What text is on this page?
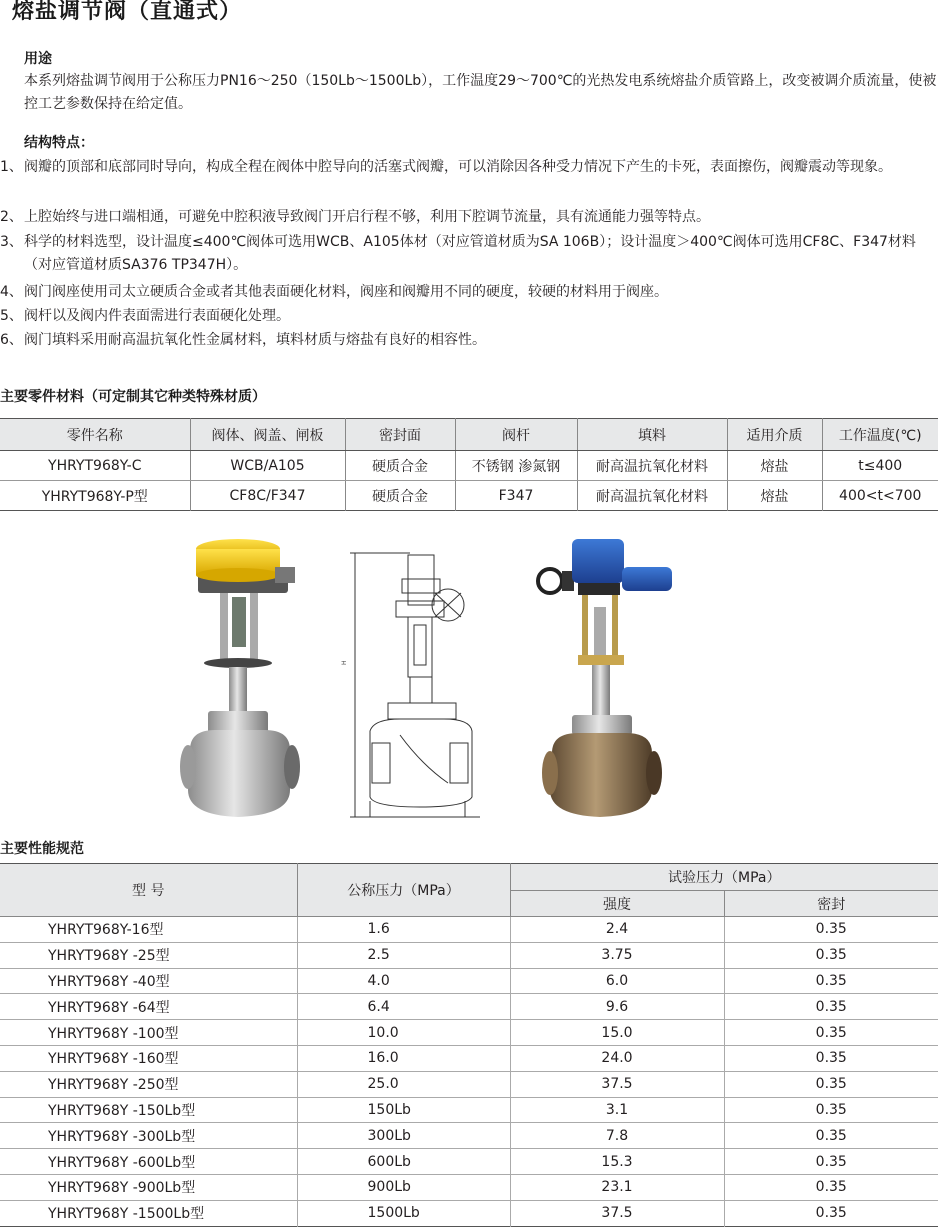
熔盐调节阀（直通式）
用途
本系列熔盐调节阀用于公称压力PN16～250（150Lb～1500Lb），工作温度29～700℃的光热发电系统熔盐介质管路上，改变被调介质流量，使被控工艺参数保持在给定值。
结构特点：
1、 阀瓣的顶部和底部同时导向，构成全程在阀体中腔导向的活塞式阀瓣，可以消除因各种受力情况下产生的卡死，表面擦伤，阀瓣震动等现象。
2、 上腔始终与进口端相通，可避免中腔积液导致阀门开启行程不够，利用下腔调节流量，具有流通能力强等特点。
3、 科学的材料选型，设计温度≤400℃阀体可选用WCB、A105体材（对应管道材质为SA 106B）；设计温度＞400℃阀体可选用CF8C、F347材料（对应管道材质SA376 TP347H）。
4、 阀门阀座使用司太立硬质合金或者其他表面硬化材料，阀座和阀瓣用不同的硬度，较硬的材料用于阀座。
5、 阀杆以及阀内件表面需进行表面硬化处理。
6、 阀门填料采用耐高温抗氧化性金属材料，填料材质与熔盐有良好的相容性。
主要零件材料（可定制其它种类特殊材质）
零件名称	阀体、阀盖、闸板	密封面	阀杆	填料	适用介质	工作温度(℃)
YHRYT968Y-C	WCB/A105	硬质合金	不锈钢 渗氮钢	耐高温抗氧化材料	熔盐	t≤400
YHRYT968Y-P型	CF8C/F347	硬质合金	F347	耐高温抗氧化材料	熔盐	400<t<700
H
主要性能规范
型 号	公称压力（MPa）	试验压力（MPa）	
		强度	密封
YHRYT968Y-16型	1.6	2.4	0.35
YHRYT968Y -25型	2.5	3.75	0.35
YHRYT968Y -40型	4.0	6.0	0.35
YHRYT968Y -64型	6.4	9.6	0.35
YHRYT968Y -100型	10.0	15.0	0.35
YHRYT968Y -160型	16.0	24.0	0.35
YHRYT968Y -250型	25.0	37.5	0.35
YHRYT968Y -150Lb型	150Lb	3.1	0.35
YHRYT968Y -300Lb型	300Lb	7.8	0.35
YHRYT968Y -600Lb型	600Lb	15.3	0.35
YHRYT968Y -900Lb型	900Lb	23.1	0.35
YHRYT968Y -1500Lb型	1500Lb	37.5	0.35
